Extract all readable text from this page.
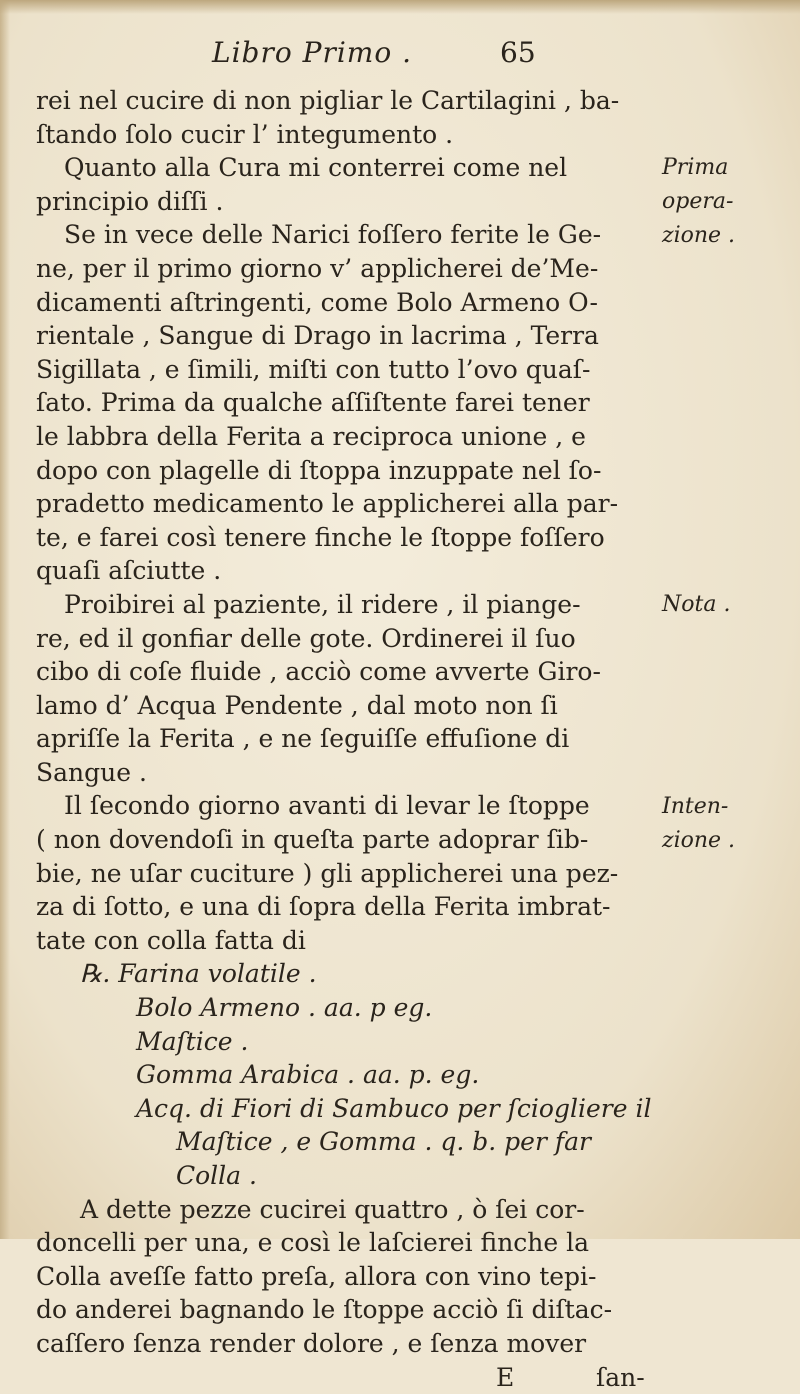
Libro Primo .	65
rei nel cucire di non pigliar le Cartilagini , ba-
ſtando ſolo cucir l’ integumento .
Quanto alla Cura mi conterrei come nel
principio diſſi .
Se in vece delle Narici foſſero ferite le Ge-
ne, per il primo giorno v’ applicherei de’Me-
dicamenti aſtringenti, come Bolo Armeno O-
rientale , Sangue di Drago in lacrima , Terra
Sigillata , e ſimili, miſti con tutto l’ovo quaſ-
ſato. Prima da qualche aſſiſtente farei tener
le labbra della Ferita a reciproca unione , e
dopo con plagelle di ſtoppa inzuppate nel ſo-
pradetto medicamento le applicherei alla par-
te, e farei così tenere finche le ſtoppe foſſero
quaſi aſciutte .
Proibirei al paziente, il ridere , il piange-
re, ed il gonfiar delle gote. Ordinerei il ſuo
cibo di coſe fluide , acciò come avverte Giro-
lamo d’ Acqua Pendente , dal moto non ſi
apriſſe la Ferita , e ne ſeguiſſe effuſione di
Sangue .
Il ſecondo giorno avanti di levar le ſtoppe
( non dovendoſi in queſta parte adoprar ſib-
bie, ne uſar cuciture ) gli applicherei una pez-
za di ſotto, e una di ſopra della Ferita imbrat-
tate con colla fatta di
℞. Farina volatile .
Bolo Armeno . aa. p eg.
Maſtice .
Gomma Arabica . aa. p. eg.
Acq. di Fiori di Sambuco per ſciogliere il
Maſtice , e Gomma . q. b. per far
Colla .
A dette pezze cucirei quattro , ò ſei cor-
doncelli per una, e così le laſcierei finche la
Colla aveſſe fatto preſa, allora con vino tepi-
do anderei bagnando le ſtoppe acciò ſi diſtac-
caſſero ſenza render dolore , e ſenza mover
E	ſan-
Prima
opera-
zione .
Nota .
Inten-
zione .
